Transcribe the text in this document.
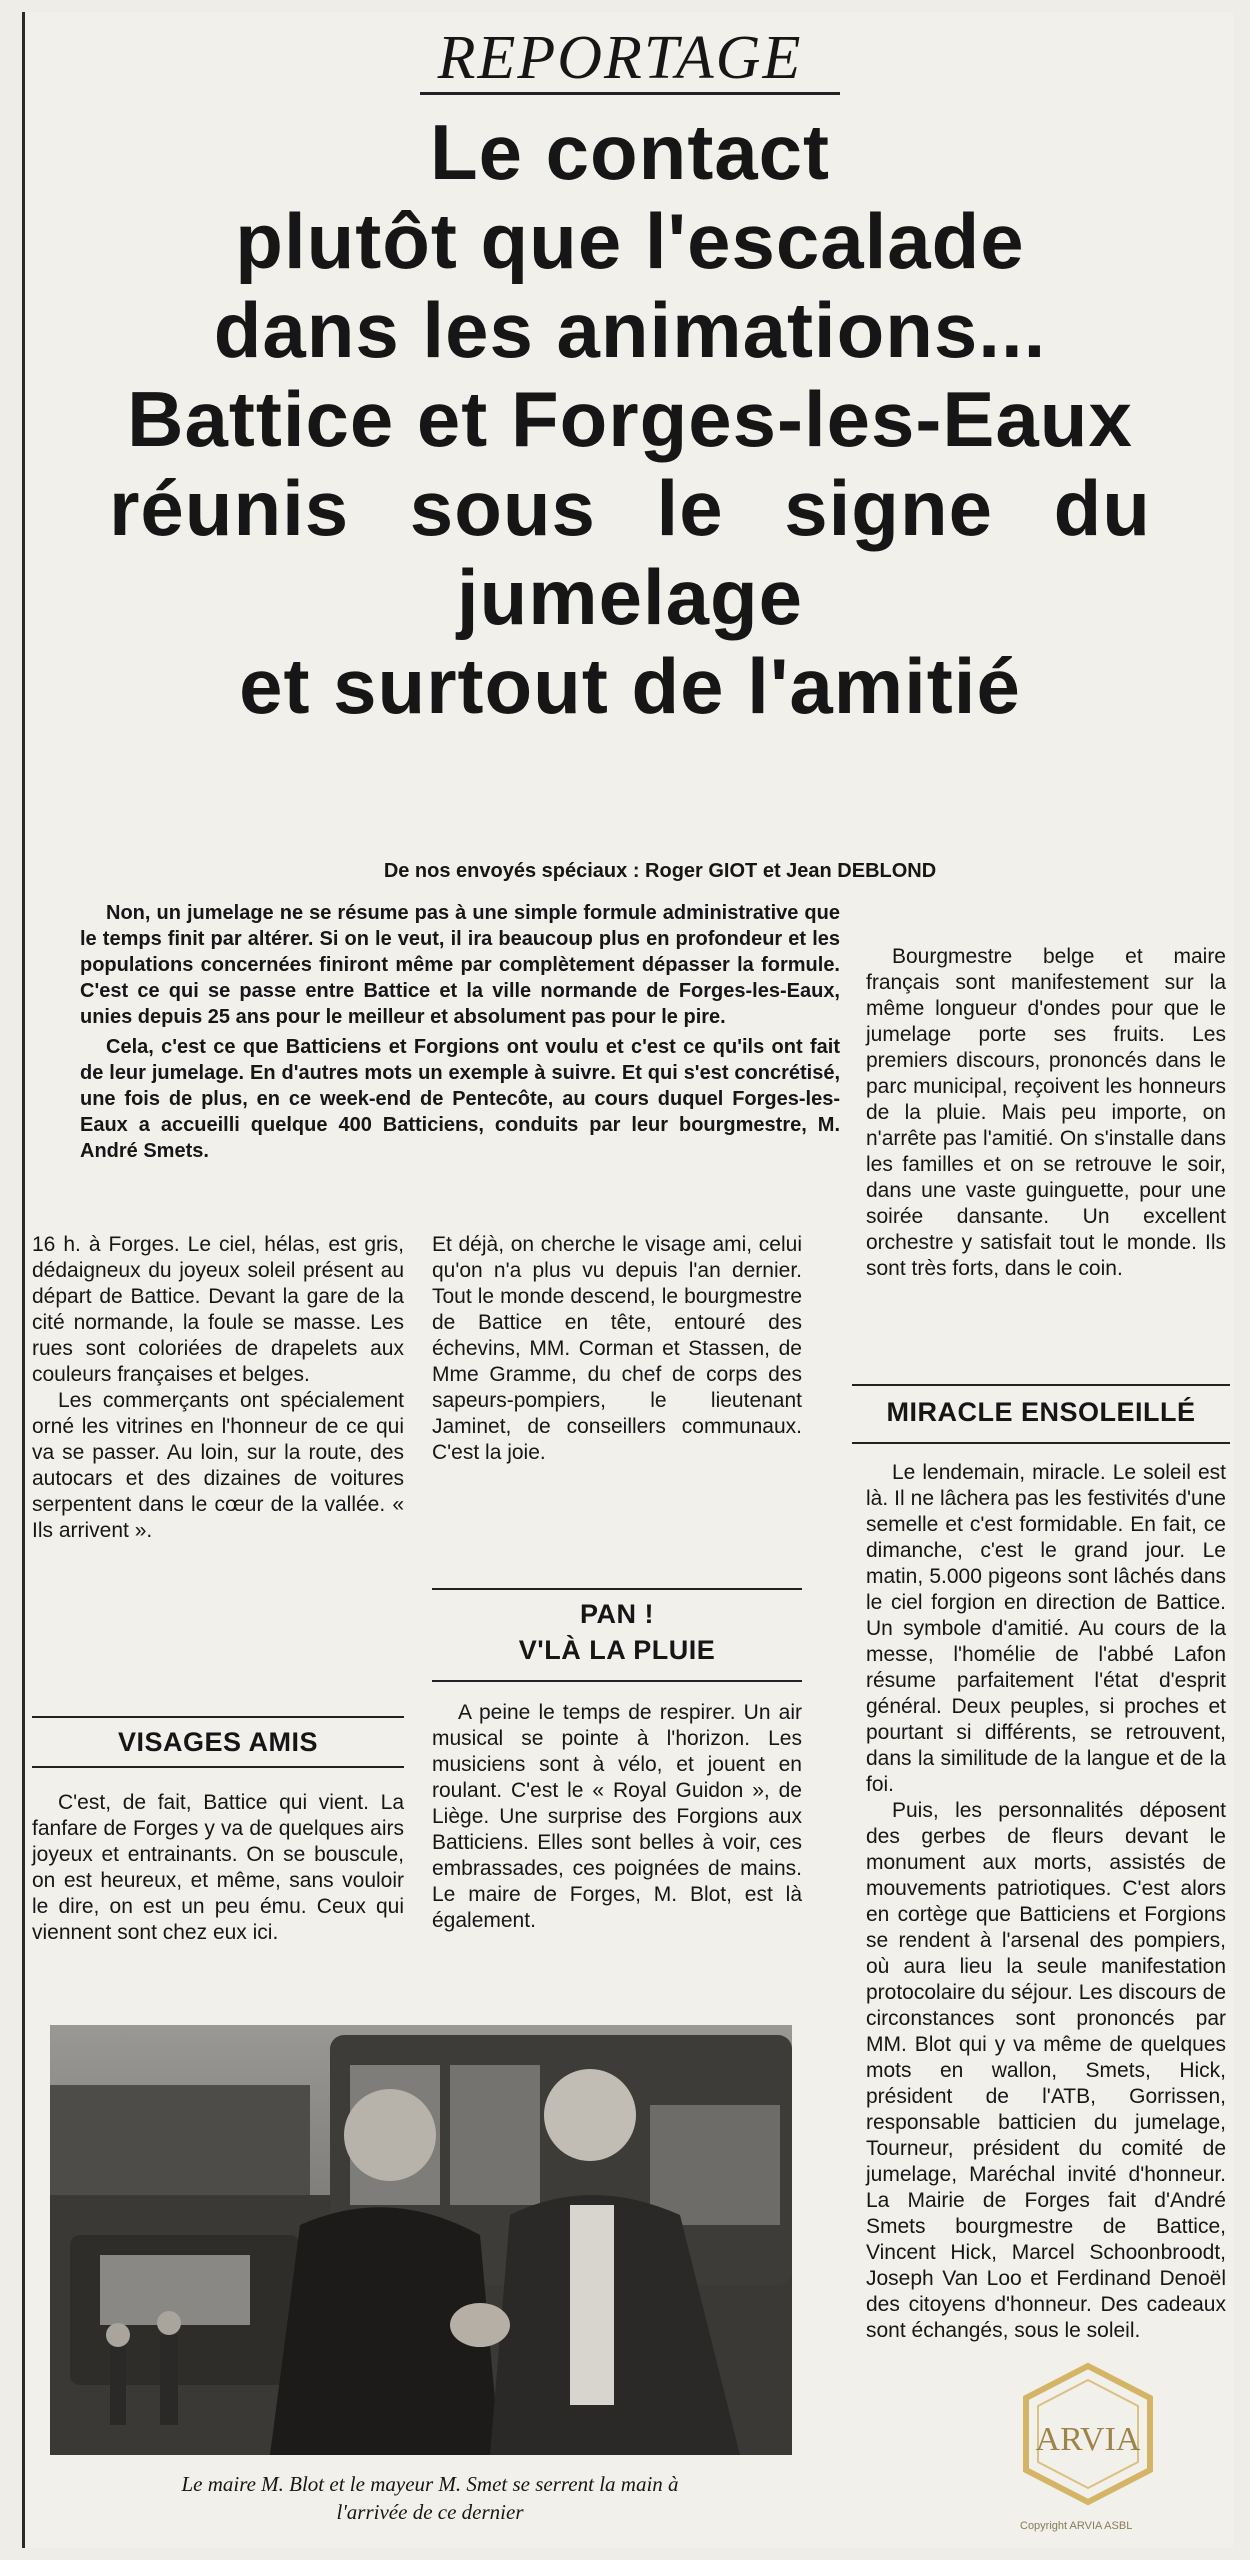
REPORTAGE
Le contact
plutôt que l'escalade
dans les animations...
Battice et Forges-les-Eaux
réunis sous le signe du
jumelage
et surtout de l'amitié
De nos envoyés spéciaux : Roger GIOT et Jean DEBLOND

Non, un jumelage ne se résume pas à une simple formule administrative que le temps finit par altérer. Si on le veut, il ira beaucoup plus en profondeur et les populations concernées finiront même par complètement dépasser la formule. C'est ce qui se passe entre Battice et la ville normande de Forges-les-Eaux, unies depuis 25 ans pour le meilleur et absolument pas pour le pire.

Cela, c'est ce que Batticiens et Forgions ont voulu et c'est ce qu'ils ont fait de leur jumelage. En d'autres mots un exemple à suivre. Et qui s'est concrétisé, une fois de plus, en ce week-end de Pentecôte, au cours duquel Forges-les-Eaux a accueilli quelque 400 Batticiens, conduits par leur bourgmestre, M. André Smets.

16 h. à Forges. Le ciel, hélas, est gris, dédaigneux du joyeux soleil présent au départ de Battice. Devant la gare de la cité normande, la foule se masse. Les rues sont coloriées de drapelets aux couleurs françaises et belges.

Les commerçants ont spécialement orné les vitrines en l'honneur de ce qui va se passer. Au loin, sur la route, des autocars et des dizaines de voitures serpentent dans le cœur de la vallée. « Ils arrivent ».

VISAGES AMIS

C'est, de fait, Battice qui vient. La fanfare de Forges y va de quelques airs joyeux et entrainants. On se bouscule, on est heureux, et même, sans vouloir le dire, on est un peu ému. Ceux qui viennent sont chez eux ici.

Et déjà, on cherche le visage ami, celui qu'on n'a plus vu depuis l'an dernier. Tout le monde descend, le bourgmestre de Battice en tête, entouré des échevins, MM. Corman et Stassen, de Mme Gramme, du chef de corps des sapeurs-pompiers, le lieutenant Jaminet, de conseillers communaux. C'est la joie.

PAN !
V'LÀ LA PLUIE

A peine le temps de respirer. Un air musical se pointe à l'horizon. Les musiciens sont à vélo, et jouent en roulant. C'est le « Royal Guidon », de Liège. Une surprise des Forgions aux Batticiens. Elles sont belles à voir, ces embrassades, ces poignées de mains. Le maire de Forges, M. Blot, est là également.

Bourgmestre belge et maire français sont manifestement sur la même longueur d'ondes pour que le jumelage porte ses fruits. Les premiers discours, prononcés dans le parc municipal, reçoivent les honneurs de la pluie. Mais peu importe, on n'arrête pas l'amitié. On s'installe dans les familles et on se retrouve le soir, dans une vaste guinguette, pour une soirée dansante. Un excellent orchestre y satisfait tout le monde. Ils sont très forts, dans le coin.

MIRACLE ENSOLEILLÉ

Le lendemain, miracle. Le soleil est là. Il ne lâchera pas les festivités d'une semelle et c'est formidable. En fait, ce dimanche, c'est le grand jour. Le matin, 5.000 pigeons sont lâchés dans le ciel forgion en direction de Battice. Un symbole d'amitié. Au cours de la messe, l'homélie de l'abbé Lafon résume parfaitement l'état d'esprit général. Deux peuples, si proches et pourtant si différents, se retrouvent, dans la similitude de la langue et de la foi.

Puis, les personnalités déposent des gerbes de fleurs devant le monument aux morts, assistés de mouvements patriotiques. C'est alors en cortège que Batticiens et Forgions se rendent à l'arsenal des pompiers, où aura lieu la seule manifestation protocolaire du séjour. Les discours de circonstances sont prononcés par MM. Blot qui y va même de quelques mots en wallon, Smets, Hick, président de l'ATB, Gorrissen, responsable batticien du jumelage, Tourneur, président du comité de jumelage, Maréchal invité d'honneur. La Mairie de Forges fait d'André Smets bourgmestre de Battice, Vincent Hick, Marcel Schoonbroodt, Joseph Van Loo et Ferdinand Denoël des citoyens d'honneur. Des cadeaux sont échangés, sous le soleil.

Le maire M. Blot et le mayeur M. Smet se serrent la main à
l'arrivée de ce dernier
ARVIA
Copyright ARVIA ASBL
